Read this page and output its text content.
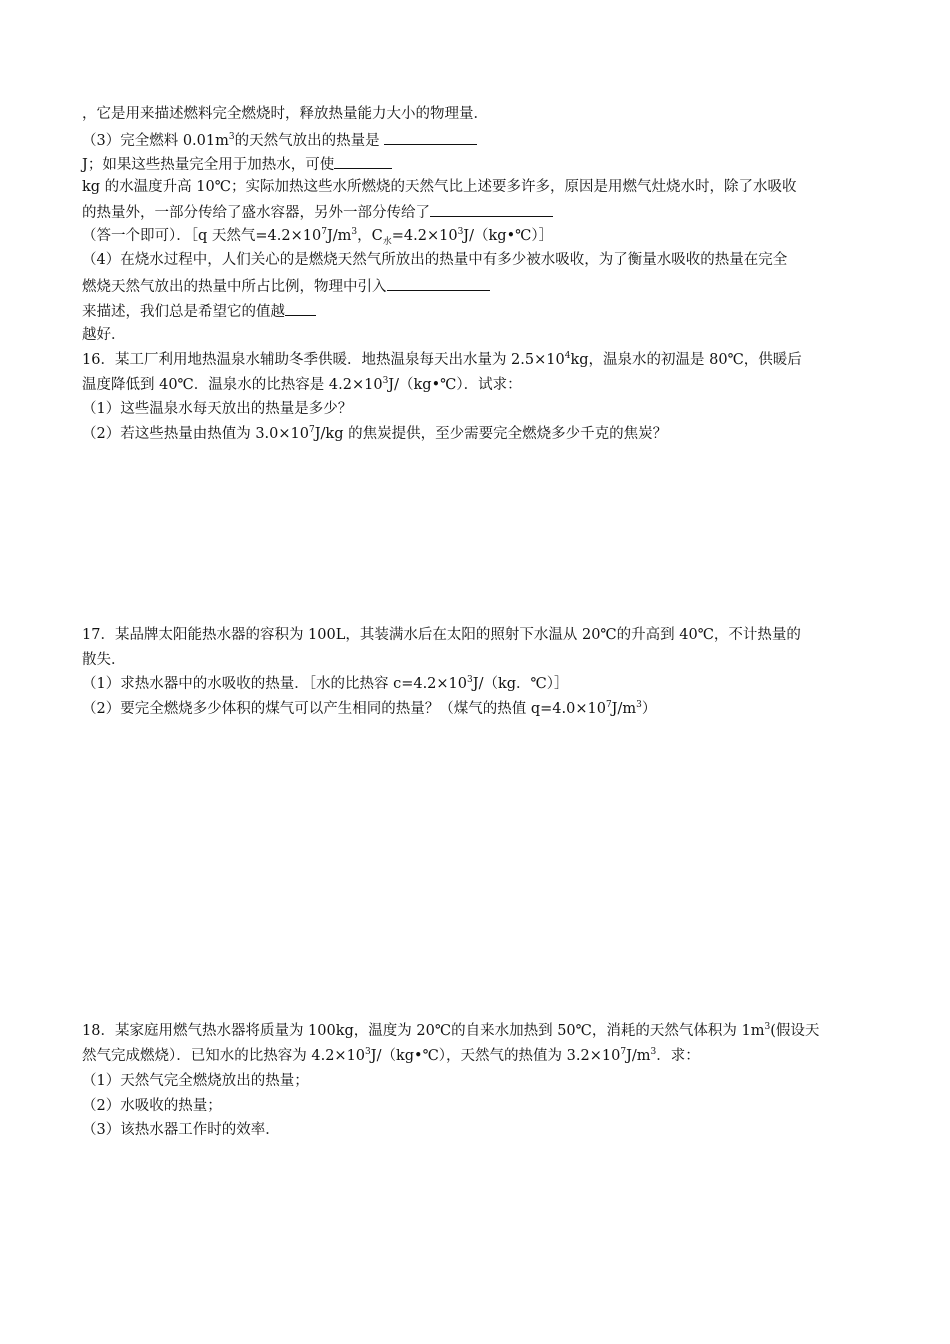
，它是用来描述燃料完全燃烧时，释放热量能力大小的物理量．
（3）完全燃料 $0.01m^3$的天然气放出的热量是
J；如果这些热量完全用于加热水，可使
kg 的水温度升高 10℃；实际加热这些水所燃烧的天然气比上述要多许多，原因是用燃气灶烧水时，除了水吸收
的热量外，一部分传给了盛水容器，另外一部分传给了
（答一个即可）．［q 天然气$=4.2\times 10^7J/m^3$，$C_水=4.2\times 10^3J/(kg•℃)]$
（4）在烧水过程中，人们关心的是燃烧天然气所放出的热量中有多少被水吸收，为了衡量水吸收的热量在完全
燃烧天然气放出的热量中所占比例，物理中引入
来描述，我们总是希望它的值越
越好．
16．某工厂利用地热温泉水辅助冬季供暖．地热温泉每天出水量为 $2.5\times 10^4kg$，温泉水的初温是 80℃，供暖后
温度降低到 40℃．温泉水的比热容是 $4.2\times 10^3J/(kg•℃)$．试求：
（1）这些温泉水每天放出的热量是多少？
（2）若这些热量由热值为 $3.0\times 10^7J/kg$ 的焦炭提供，至少需要完全燃烧多少千克的焦炭？
17．某品牌太阳能热水器的容积为 100L，其装满水后在太阳的照射下水温从 20℃的升高到 40℃，不计热量的
散失．
（1）求热水器中的水吸收的热量．［水的比热容 $c=4.2\times 10^3J/(kg$．℃）］
（2）要完全燃烧多少体积的煤气可以产生相同的热量？（煤气的热值 $q=4.0\times 10^7J/m^3$）
18．某家庭用燃气热水器将质量为 100kg，温度为 20℃的自来水加热到 50℃，消耗的天然气体积为 $1m^3$(假设天
然气完成燃烧）．已知水的比热容为 $4.2\times 10^3J/(kg•℃)$，天然气的热值为 $3.2\times 10^7J/m^3$．求：
（1）天然气完全燃烧放出的热量；
（2）水吸收的热量；
（3）该热水器工作时的效率．
